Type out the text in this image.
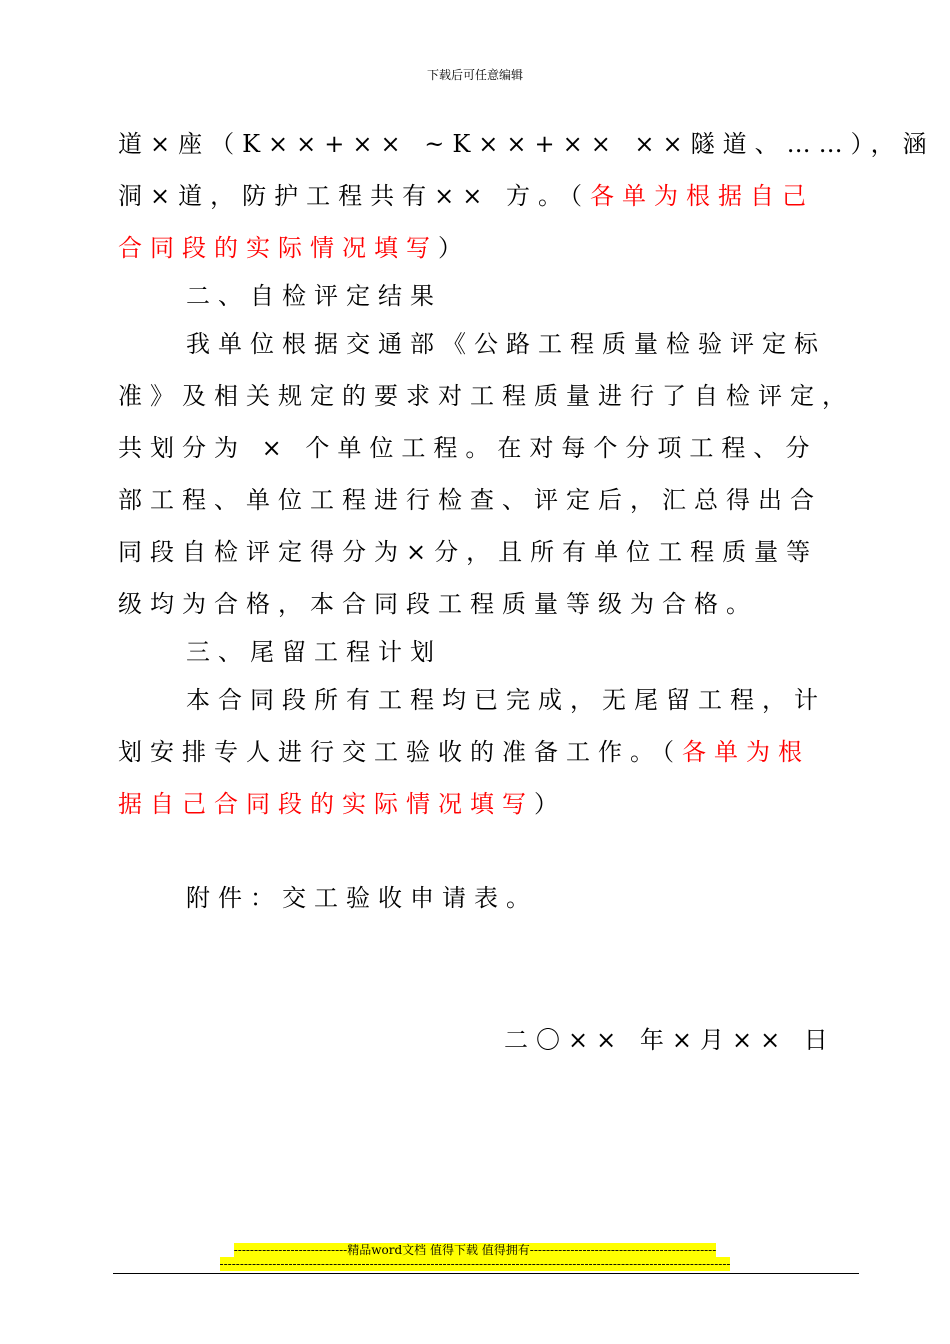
下载后可任意编辑
道×座（K××+×× ~K××+×× ××隧道、……），涵
洞×道，防护工程共有×× 方。（各单为根据自己
合同段的实际情况填写）
二、自检评定结果
我单位根据交通部《公路工程质量检验评定标
准》及相关规定的要求对工程质量进行了自检评定，
共划分为 × 个单位工程。在对每个分项工程、分
部工程、单位工程进行检查、评定后，汇总得出合
同段自检评定得分为×分，且所有单位工程质量等
级均为合格，本合同段工程质量等级为合格。
三、尾留工程计划
本合同段所有工程均已完成，无尾留工程，计
划安排专人进行交工验收的准备工作。（各单为根
据自己合同段的实际情况填写）
附件：交工验收申请表。
二〇×× 年×月×× 日
----------------------------精品word文档 值得下载 值得拥有----------------------------------------------
------------------------------------------------------------------------------------------------------------------------------
